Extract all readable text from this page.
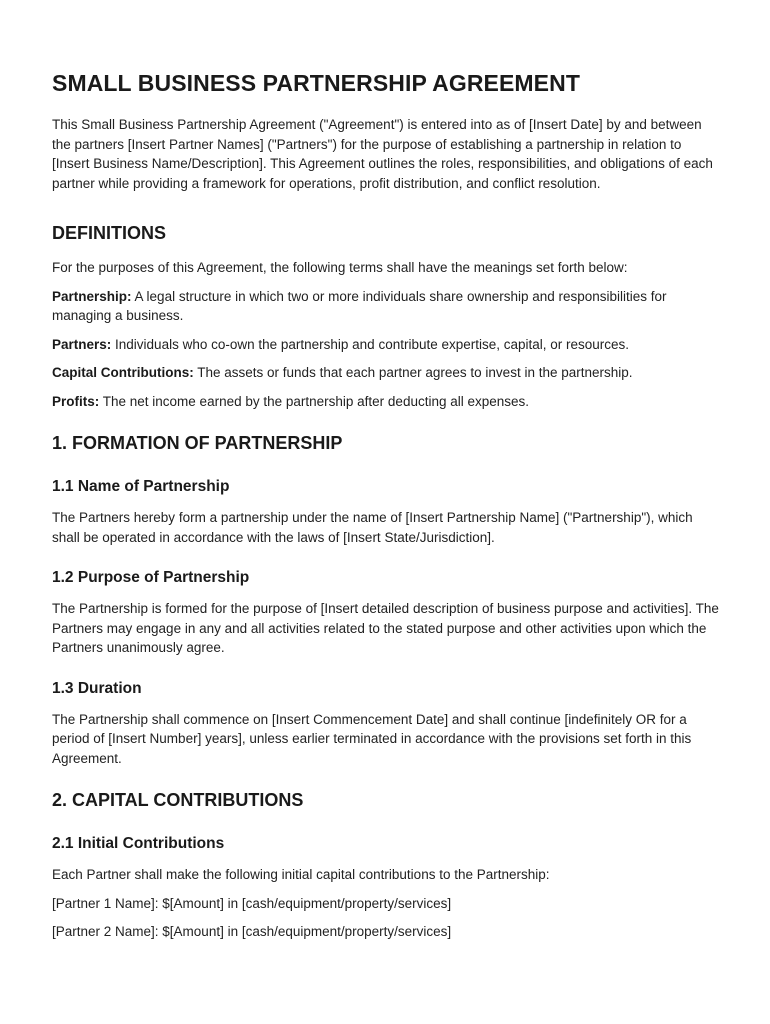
SMALL BUSINESS PARTNERSHIP AGREEMENT

This Small Business Partnership Agreement ("Agreement") is entered into as of [Insert Date] by and between the partners [Insert Partner Names] ("Partners") for the purpose of establishing a partnership in relation to [Insert Business Name/Description]. This Agreement outlines the roles, responsibilities, and obligations of each partner while providing a framework for operations, profit distribution, and conflict resolution.

DEFINITIONS

For the purposes of this Agreement, the following terms shall have the meanings set forth below:

Partnership: A legal structure in which two or more individuals share ownership and responsibilities for managing a business.

Partners: Individuals who co-own the partnership and contribute expertise, capital, or resources.

Capital Contributions: The assets or funds that each partner agrees to invest in the partnership.

Profits: The net income earned by the partnership after deducting all expenses.

1. FORMATION OF PARTNERSHIP
1.1 Name of Partnership

The Partners hereby form a partnership under the name of [Insert Partnership Name] ("Partnership"), which shall be operated in accordance with the laws of [Insert State/Jurisdiction].

1.2 Purpose of Partnership

The Partnership is formed for the purpose of [Insert detailed description of business purpose and activities]. The Partners may engage in any and all activities related to the stated purpose and other activities upon which the Partners unanimously agree.

1.3 Duration

The Partnership shall commence on [Insert Commencement Date] and shall continue [indefinitely OR for a period of [Insert Number] years], unless earlier terminated in accordance with the provisions set forth in this Agreement.

2. CAPITAL CONTRIBUTIONS
2.1 Initial Contributions

Each Partner shall make the following initial capital contributions to the Partnership:

[Partner 1 Name]: $[Amount] in [cash/equipment/property/services]

[Partner 2 Name]: $[Amount] in [cash/equipment/property/services]
